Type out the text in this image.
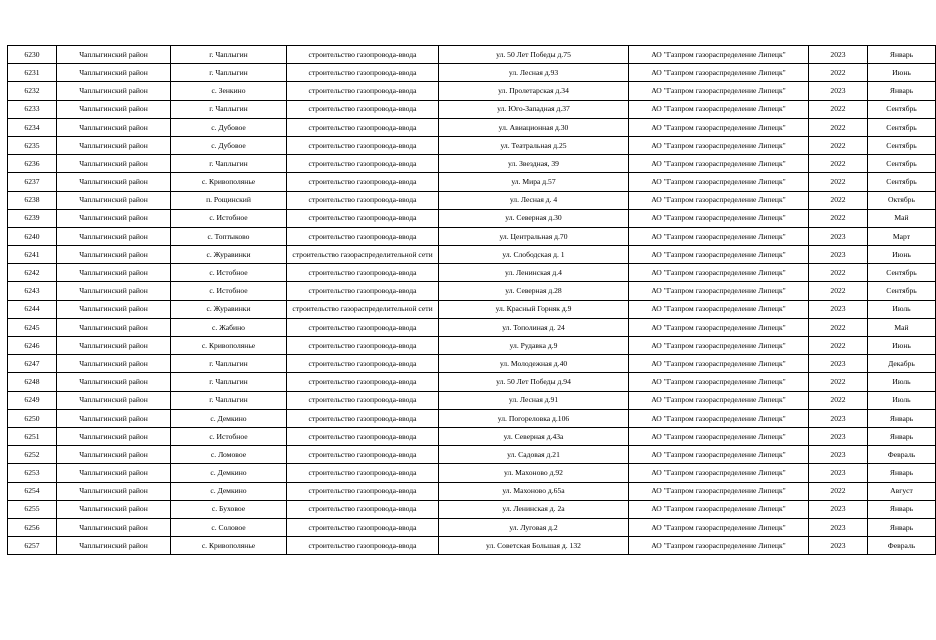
6230	Чаплыгинский район	г. Чаплыгин	строительство газопровода-ввода	ул. 50 Лет Победы д.75	АО "Газпром газораспределение Липецк"	2023	Январь
6231	Чаплыгинский район	г. Чаплыгин	строительство газопровода-ввода	ул. Лесная д.93	АО "Газпром газораспределение Липецк"	2022	Июнь
6232	Чаплыгинский район	с. Зенкино	строительство газопровода-ввода	ул. Пролетарская д.34	АО "Газпром газораспределение Липецк"	2023	Январь
6233	Чаплыгинский район	г. Чаплыгин	строительство газопровода-ввода	ул. Юго-Западная д.37	АО "Газпром газораспределение Липецк"	2022	Сентябрь
6234	Чаплыгинский район	с. Дубовое	строительство газопровода-ввода	ул. Авиационная д.30	АО "Газпром газораспределение Липецк"	2022	Сентябрь
6235	Чаплыгинский район	с. Дубовое	строительство газопровода-ввода	ул. Театральная д.25	АО "Газпром газораспределение Липецк"	2022	Сентябрь
6236	Чаплыгинский район	г. Чаплыгин	строительство газопровода-ввода	ул. Звездная, 39	АО "Газпром газораспределение Липецк"	2022	Сентябрь
6237	Чаплыгинский район	с. Кривополянье	строительство газопровода-ввода	ул. Мира д.57	АО "Газпром газораспределение Липецк"	2022	Сентябрь
6238	Чаплыгинский район	п. Рощинский	строительство газопровода-ввода	ул. Лесная д. 4	АО "Газпром газораспределение Липецк"	2022	Октябрь
6239	Чаплыгинский район	с. Истобное	строительство газопровода-ввода	ул. Северная д.30	АО "Газпром газораспределение Липецк"	2022	Май
6240	Чаплыгинский район	с. Топтыково	строительство газопровода-ввода	ул. Центральная д.70	АО "Газпром газораспределение Липецк"	2023	Март
6241	Чаплыгинский район	с. Журавинки	строительство газораспределительной сети	ул. Слободская д. 1	АО "Газпром газораспределение Липецк"	2023	Июнь
6242	Чаплыгинский район	с. Истобное	строительство газопровода-ввода	ул. Ленинская д.4	АО "Газпром газораспределение Липецк"	2022	Сентябрь
6243	Чаплыгинский район	с. Истобное	строительство газопровода-ввода	ул. Северная д.28	АО "Газпром газораспределение Липецк"	2022	Сентябрь
6244	Чаплыгинский район	с. Журавинки	строительство газораспределительной сети	ул. Красный Горняк д.9	АО "Газпром газораспределение Липецк"	2023	Июль
6245	Чаплыгинский район	с. Жабино	строительство газопровода-ввода	ул. Тополиная д. 24	АО "Газпром газораспределение Липецк"	2022	Май
6246	Чаплыгинский район	с. Кривополянье	строительство газопровода-ввода	ул. Рудавка д.9	АО "Газпром газораспределение Липецк"	2022	Июнь
6247	Чаплыгинский район	г. Чаплыгин	строительство газопровода-ввода	ул. Молодежная д.40	АО "Газпром газораспределение Липецк"	2023	Декабрь
6248	Чаплыгинский район	г. Чаплыгин	строительство газопровода-ввода	ул. 50 Лет Победы д.94	АО "Газпром газораспределение Липецк"	2022	Июль
6249	Чаплыгинский район	г. Чаплыгин	строительство газопровода-ввода	ул. Лесная д.91	АО "Газпром газораспределение Липецк"	2022	Июль
6250	Чаплыгинский район	с. Демкино	строительство газопровода-ввода	ул. Погореловка д.106	АО "Газпром газораспределение Липецк"	2023	Январь
6251	Чаплыгинский район	с. Истобное	строительство газопровода-ввода	ул. Северная д.43а	АО "Газпром газораспределение Липецк"	2023	Январь
6252	Чаплыгинский район	с. Ломовое	строительство газопровода-ввода	ул. Садовая д.21	АО "Газпром газораспределение Липецк"	2023	Февраль
6253	Чаплыгинский район	с. Демкино	строительство газопровода-ввода	ул. Махоново д.92	АО "Газпром газораспределение Липецк"	2023	Январь
6254	Чаплыгинский район	с. Демкино	строительство газопровода-ввода	ул. Махоново д.65а	АО "Газпром газораспределение Липецк"	2022	Август
6255	Чаплыгинский район	с. Буховое	строительство газопровода-ввода	ул. Ленинская д. 2а	АО "Газпром газораспределение Липецк"	2023	Январь
6256	Чаплыгинский район	с. Соловое	строительство газопровода-ввода	ул. Луговая д.2	АО "Газпром газораспределение Липецк"	2023	Январь
6257	Чаплыгинский район	с. Кривополянье	строительство газопровода-ввода	ул. Советская Большая д. 132	АО "Газпром газораспределение Липецк"	2023	Февраль
